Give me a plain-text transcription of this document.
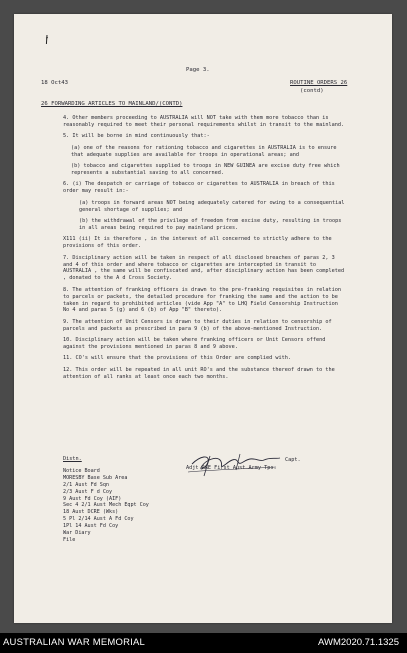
Page 3.
18 Oct43	ROUTINE ORDERS 26
(contd)
26 FORWARDING ARTICLES TO MAINLAND/(CONTD)

4. Other members proceeding to AUSTRALIA will NOT take with them more tobacco than is reasonably required to meet their personal requirements whilst in transit to the mainland.

5. It will be borne in mind continuously that:-

(a) one of the reasons for rationing tobacco and cigarettes in AUSTRALIA is to ensure that adequate supplies are available for troops in operational areas; and

(b) tobacco and cigarettes supplied to troops in NEW GUINEA are excise duty free which represents a substantial saving to all concerned.

6. (i) The despatch or carriage of tobacco or cigarettes to AUSTRALIA in breach of this order may result in:-

(a) troops in forward areas NOT being adequately catered for owing to a consequential general shortage of supplies; and

(b) the withdrawal of the privilege of freedom from excise duty, resulting in troops in all areas being required to pay mainland prices.

X111 (ii) It is therefore , in the interest of all concerned to strictly adhere to the provisions of this order.

7. Disciplinary action will be taken in respect of all disclosed breaches of paras 2, 3 and 4 of this order and where tobacco or cigarettes are intercepted in transit to AUSTRALIA , the same will be confiscated and, after disciplinary action has been completed , donated to the A d Cross Society.

8. The attention of franking officers is drawn to the pre-franking requisites in relation to parcels or packets, the detailed procedure for franking the same and the action to be taken in regard to prohibited articles (vide App "A" to LHQ Field Censorship Instruction No 4 and paras 5 (g) and 6 (b) of App "B" thereto).

9. The attention of Unit Censors is drawn to their duties in relation to censorship of parcels and packets as prescribed in para 9 (b) of the above-mentioned Instruction.

10. Disciplinary action will be taken where franking officers or Unit Censors offend against the provisions mentioned in paras 8 and 9 above.

11. CO's will ensure that the provisions of this Order are complied with.

12. This order will be repeated in all unit RO's and the substance thereof drawn to the attention of all ranks at least once each two months.

Capt.
Adjt RAE First Aust Army Tps.
Distn.
Notice Board
MORESBY Base Sub Area
2/1 Aust Fd Sqn
2/3 Aust F d Coy
9 Aust Fd Coy (AIF)
Sec 4 2/1 Aust Mech Eqpt Coy
18 Aust DCRE (Wks)
5 Pl 2/14 Aust A Fd Coy
1Pl 14 Aust Fd Coy
War Diary
File
AUSTRALIAN WAR MEMORIAL	AWM2020.71.1325
